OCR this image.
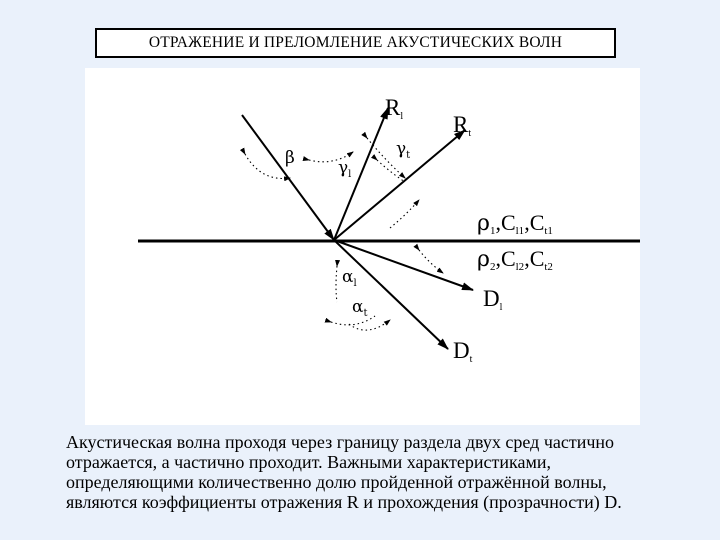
ОТРАЖЕНИЕ И ПРЕЛОМЛЕНИЕ АКУСТИЧЕСКИХ ВОЛН
β	$\gamma_l$
$\gamma_t$
$\alpha_l$
$\alpha_t$
Rl Rt
Dl
Dt
ρ1,Cl1,Ct1
ρ2,Cl2,Ct2
Акустическая волна проходя через границу раздела двух сред частично
отражается, а частично проходит. Важными характеристиками,
определяющими количественно долю пройденной отражённой волны,
являются коэффициенты отражения R и прохождения (прозрачности) D.
